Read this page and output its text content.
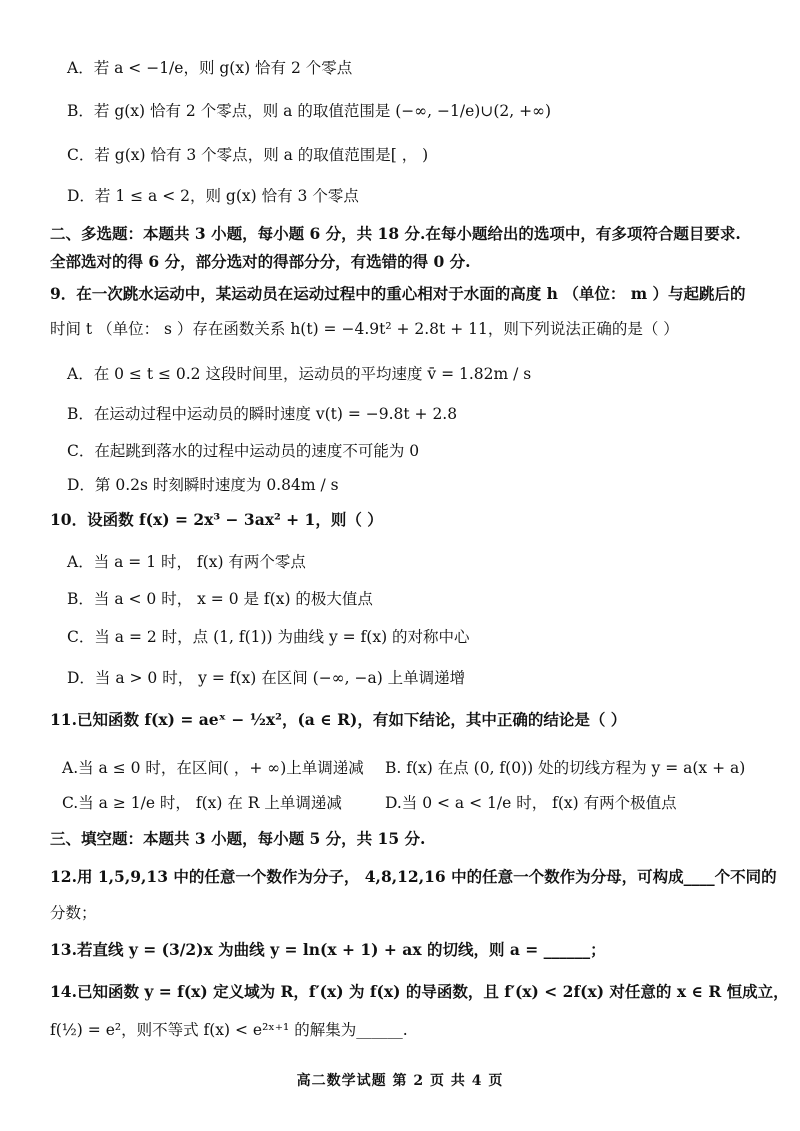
A．若 a < −1/e，则 g(x) 恰有 2 个零点
B．若 g(x) 恰有 2 个零点，则 a 的取值范围是 (−∞, −1/e)∪(2, +∞)
C．若 g(x) 恰有 3 个零点，则 a 的取值范围是[ ， )
D．若 1 ≤ a < 2，则 g(x) 恰有 3 个零点
二、多选题：本题共 3 小题，每小题 6 分，共 18 分.在每小题给出的选项中，有多项符合题目要求.
全部选对的得 6 分，部分选对的得部分分，有选错的得 0 分.
9．在一次跳水运动中，某运动员在运动过程中的重心相对于水面的高度 h （单位： m ）与起跳后的
时间 t （单位： s ）存在函数关系 h(t) = −4.9t² + 2.8t + 11，则下列说法正确的是（ ）
A．在 0 ≤ t ≤ 0.2 这段时间里，运动员的平均速度 v̄ = 1.82m / s
B．在运动过程中运动员的瞬时速度 v(t) = −9.8t + 2.8
C．在起跳到落水的过程中运动员的速度不可能为 0
D．第 0.2s 时刻瞬时速度为 0.84m / s
10．设函数 f(x) = 2x³ − 3ax² + 1，则（ ）
A．当 a = 1 时， f(x) 有两个零点
B．当 a < 0 时， x = 0 是 f(x) 的极大值点
C．当 a = 2 时，点 (1, f(1)) 为曲线 y = f(x) 的对称中心
D．当 a > 0 时， y = f(x) 在区间 (−∞, −a) 上单调递增
11.已知函数 f(x) = aeˣ − ½x²，(a ∈ R)，有如下结论，其中正确的结论是（ ）
A.当 a ≤ 0 时，在区间( ，+ ∞)上单调递减 B. f(x) 在点 (0, f(0)) 处的切线方程为 y = a(x + a)
C.当 a ≥ 1/e 时， f(x) 在 R 上单调递减	D.当 0 < a < 1/e 时， f(x) 有两个极值点
三、填空题：本题共 3 小题，每小题 5 分，共 15 分.
12.用 1,5,9,13 中的任意一个数作为分子， 4,8,12,16 中的任意一个数作为分母，可构成____个不同的
分数；
13.若直线 y = (3/2)x 为曲线 y = ln(x + 1) + ax 的切线，则 a = ______；
14.已知函数 y = f(x) 定义域为 R，f′(x) 为 f(x) 的导函数，且 f′(x) < 2f(x) 对任意的 x ∈ R 恒成立，
f(½) = e²，则不等式 f(x) < e²ˣ⁺¹ 的解集为______.
高二数学试题 第 2 页 共 4 页
